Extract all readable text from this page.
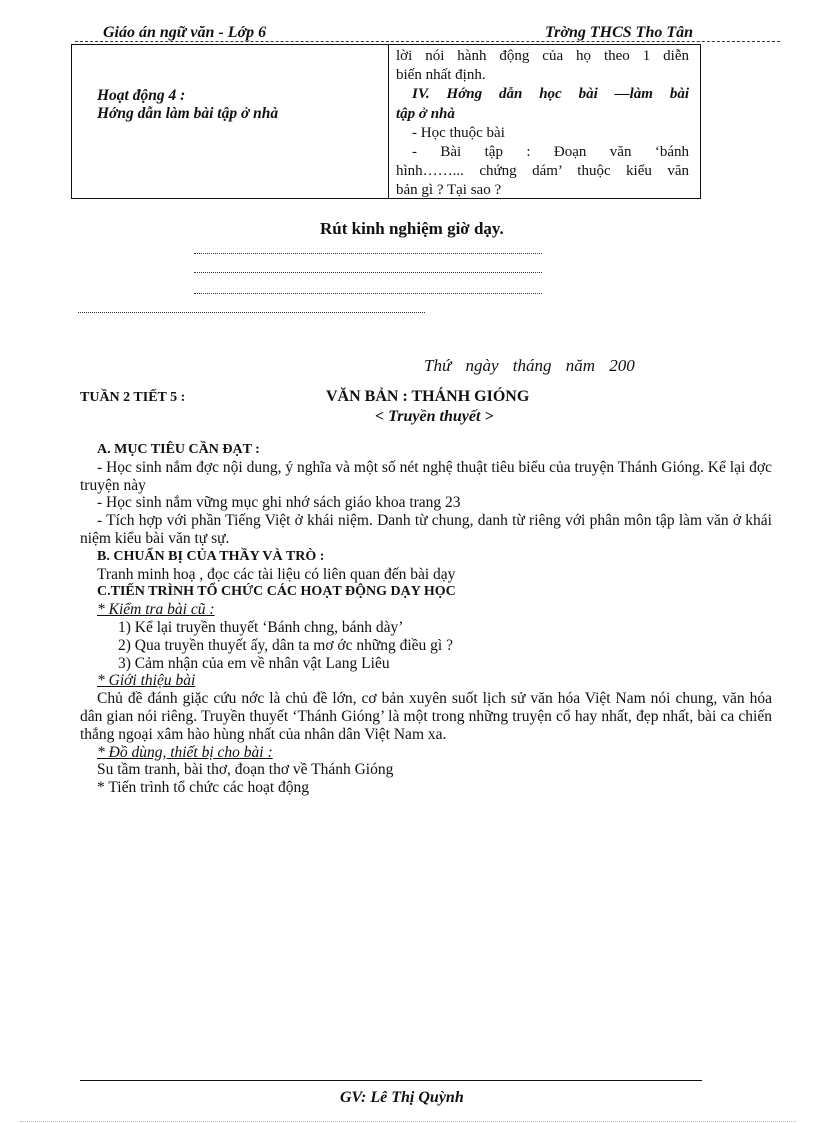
Giáo án ngữ văn - Lớp 6	Trờng THCS Tho Tân
Hoạt động 4 :
Hớng dẫn làm bài tập ở nhà
lời nói hành động của họ theo 1 diễn
biến nhất định.
IV. Hớng dẫn học bài —làm bài
tập ở nhà
- Học thuộc bài
- Bài tập : Đoạn văn ‘bánh
hình……... chứng dám’ thuộc kiểu văn
bản gì ? Tại sao ?
Rút kinh nghiệm giờ dạy.
Thứ ngày tháng năm 200
TUẦN 2 TIẾT 5 :	VĂN BẢN : THÁNH GIÓNG
< Truyền thuyết >
A. MỤC TIÊU CẦN ĐẠT :
- Học sinh nắm đợc nội dung, ý nghĩa và một số nét nghệ thuật tiêu biểu của truyện Thánh Gióng. Kể lại đợc truyện này
- Học sinh nắm vững mục ghi nhớ sách giáo khoa trang 23
- Tích hợp với phần Tiếng Việt ở khái niệm. Danh từ chung, danh từ riêng với phân môn tập làm văn ở khái niệm kiểu bài văn tự sự.
B. CHUẨN BỊ CỦA THẦY VÀ TRÒ :
Tranh minh hoạ , đọc các tài liệu có liên quan đến bài dạy
C.TIẾN TRÌNH TỔ CHỨC CÁC HOẠT ĐỘNG DẠY HỌC
* Kiểm tra bài cũ :
1) Kể lại truyền thuyết ‘Bánh chng, bánh dày’
2) Qua truyền thuyết ấy, dân ta mơ ớc những điều gì ?
3) Cảm nhận của em về nhân vật Lang Liêu
* Giới thiệu bài
Chủ đề đánh giặc cứu nớc là chủ đề lớn, cơ bản xuyên suốt lịch sử văn hóa Việt Nam nói chung, văn hóa dân gian nói riêng. Truyền thuyết ‘Thánh Gióng’ là một trong những truyện cổ hay nhất, đẹp nhất, bài ca chiến thắng ngoại xâm hào hùng nhất của nhân dân Việt Nam xa.
* Đồ dùng, thiết bị cho bài :
Su tầm tranh, bài thơ, đoạn thơ về Thánh Gióng
* Tiến trình tổ chức các hoạt động
GV: Lê Thị Quỳnh
